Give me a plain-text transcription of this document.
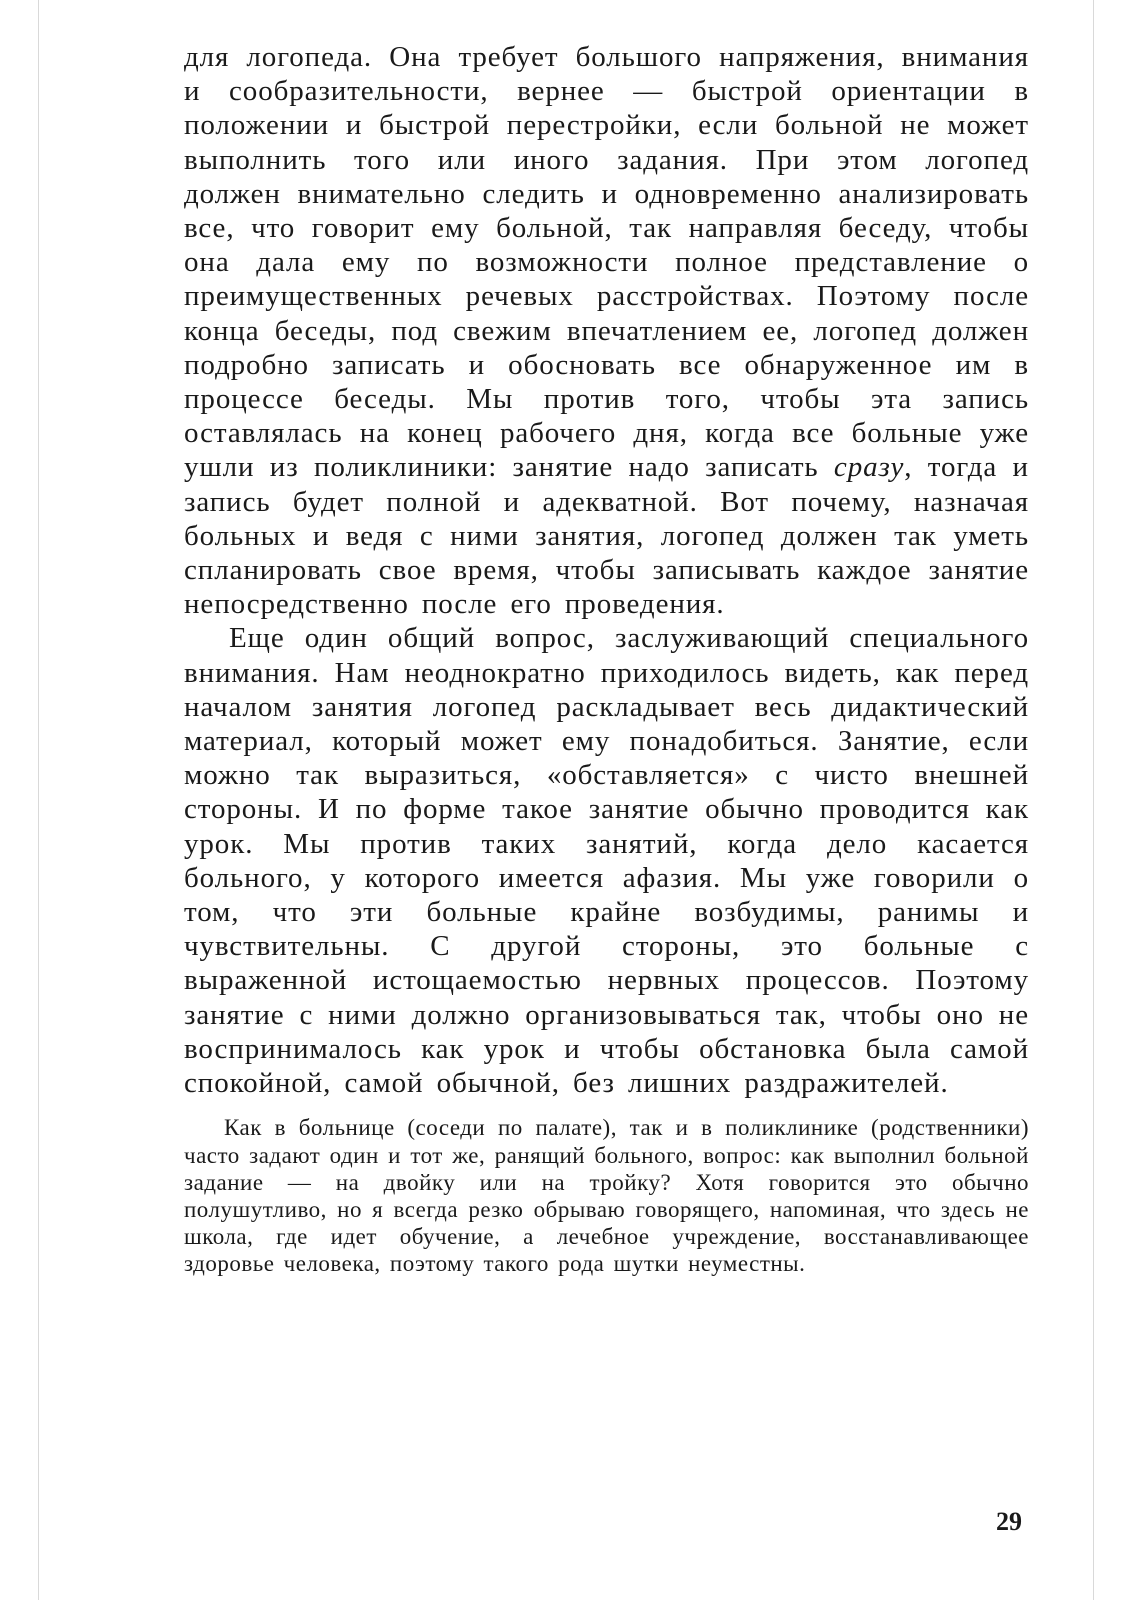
для логопеда. Она требует большого напряжения, внимания и сообразительности, вернее — быстрой ориентации в положении и быстрой перестройки, если больной не может выполнить того или иного задания. При этом логопед должен внимательно следить и одновременно анализировать все, что говорит ему больной, так направляя беседу, чтобы она дала ему по возможности полное представление о преимущественных речевых расстройствах. Поэтому после конца беседы, под свежим впечатлением ее, логопед должен подробно записать и обосновать все обнаруженное им в процессе беседы. Мы против того, чтобы эта запись оставлялась на конец рабочего дня, когда все больные уже ушли из поликлиники: занятие надо записать сразу, тогда и запись будет полной и адекватной. Вот почему, назначая больных и ведя с ними занятия, логопед должен так уметь спланировать свое время, чтобы записывать каждое занятие непосредственно после его проведения.

Еще один общий вопрос, заслуживающий специального внимания. Нам неоднократно приходилось видеть, как перед началом занятия логопед раскладывает весь дидактический материал, который может ему понадобиться. Занятие, если можно так выразиться, «обставляется» с чисто внешней стороны. И по форме такое занятие обычно проводится как урок. Мы против таких занятий, когда дело касается больного, у которого имеется афазия. Мы уже говорили о том, что эти больные крайне возбудимы, ранимы и чувствительны. С другой стороны, это больные с выраженной истощаемостью нервных процессов. Поэтому занятие с ними должно организовываться так, чтобы оно не воспринималось как урок и чтобы обстановка была самой спокойной, самой обычной, без лишних раздражителей.

Как в больнице (соседи по палате), так и в поликлинике (родственники) часто задают один и тот же, ранящий больного, вопрос: как выполнил больной задание — на двойку или на тройку? Хотя говорится это обычно полушутливо, но я всегда резко обрываю говорящего, напоминая, что здесь не школа, где идет обучение, а лечебное учреждение, восстанавливающее здоровье человека, поэтому такого рода шутки неуместны.

29
